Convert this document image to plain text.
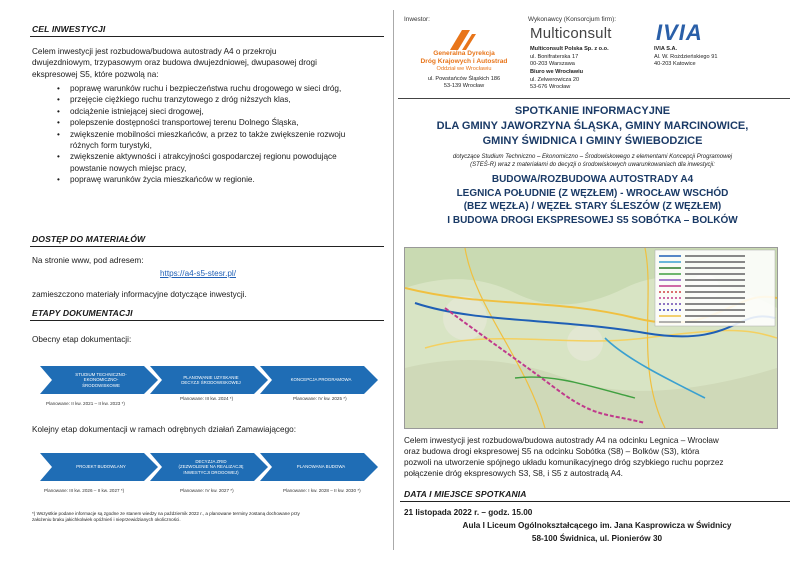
CEL INWESTYCJI
Celem inwestycji jest rozbudowa/budowa autostrady A4 o przekroju
dwujezdniowym, trzypasowym oraz budowa dwujezdniowej, dwupasowej drogi
ekspresowej S5, które pozwolą na:
• poprawę warunków ruchu i bezpieczeństwa ruchu drogowego w sieci dróg,
• przejęcie ciężkiego ruchu tranzytowego z dróg niższych klas,
• odciążenie istniejącej sieci drogowej,
• polepszenie dostępności transportowej terenu Dolnego Śląska,
• zwiększenie mobilności mieszkańców, a przez to także zwiększenie rozwoju
różnych form turystyki,
• zwiększenie aktywności i atrakcyjności gospodarczej regionu powodujące
powstanie nowych miejsc pracy,
• poprawę warunków życia mieszkańców w regionie.
DOSTĘP DO MATERIAŁÓW
Na stronie www, pod adresem:
https://a4-s5-stesr.pl/
zamieszczono materiały informacyjne dotyczące inwestycji.
ETAPY DOKUMENTACJI
Obecny etap dokumentacji:
STUDIUM TECHNICZNO-
EKONOMICZNO-
ŚRODOWISKOWE
PLANOWANIE UZYSKANIE
DECYZJI ŚRODOWISKOWEJ
KONCEPCJA PROGRAMOWA
Planowane: II kw. 2021 – II kw. 2023 *)
Planowane: III kw. 2024 *)	Planowane: IV kw. 2025 *)
Kolejny etap dokumentacji w ramach odrębnych działań Zamawiającego:
PROJEKT BUDOWLANY
DECYZJA ZRID
(ZEZWOLENIE NA REALIZACJĘ
INWESTYCJI DROGOWEJ)
PLANOWANA BUDOWA
Planowane: III kw. 2026 – II kw. 2027 *)	Planowane: IV kw. 2027 *)	Planowane: I kw. 2028 – II kw. 2030 *)
*) Wszystkie podane informacje są zgodne ze stanem wiedzy na październik 2022 r., a planowane terminy zostaną dochowane przy
założeniu braku jakichkolwiek opóźnień i nieprzewidzianych okoliczności.
Inwestor:
Generalna Dyrekcja
Dróg Krajowych i Autostrad
Oddział we Wrocławiu
ul. Powstańców Śląskich 186
53-139 Wrocław
Wykonawcy (Konsorcjum firm):
Multiconsult
Multiconsult Polska Sp. z o.o.
ul. Bonifraterska 17
00-203 Warszawa
Biuro we Wrocławiu
ul. Zelwerowicza 20
53-676 Wrocław
IVIA
IVIA S.A.
Al. W. Rożdzieńskiego 91
40-203 Katowice
SPOTKANIE INFORMACYJNE
DLA GMINY JAWORZYNA ŚLĄSKA, GMINY MARCINOWICE,
GMINY ŚWIDNICA I GMINY ŚWIEBODZICE
dotyczące Studium Techniczno – Ekonomiczno – Środowiskowego z elementami Koncepcji Programowej
(STEŚ-R) wraz z materiałami do decyzji o środowiskowych uwarunkowaniach dla inwestycji:
BUDOWA/ROZBUDOWA AUTOSTRADY A4
LEGNICA POŁUDNIE (Z WĘZŁEM) - WROCŁAW WSCHÓD
(BEZ WĘZŁA) / WĘZEŁ STARY ŚLESZÓW (Z WĘZŁEM)
I BUDOWA DROGI EKSPRESOWEJ S5 SOBÓTKA – BOLKÓW
Celem inwestycji jest rozbudowa/budowa autostrady A4 na odcinku Legnica – Wrocław
oraz budowa drogi ekspresowej S5 na odcinku Sobótka (S8) – Bolków (S3), która
pozwoli na utworzenie spójnego układu komunikacyjnego dróg szybkiego ruchu poprzez
połączenie dróg ekspresowych S3, S8, i S5 z autostradą A4.
DATA I MIEJSCE SPOTKANIA
21 listopada 2022 r. – godz. 15.00
Aula I Liceum Ogólnokształcącego im. Jana Kasprowicza w Świdnicy
58-100 Świdnica, ul. Pionierów 30
